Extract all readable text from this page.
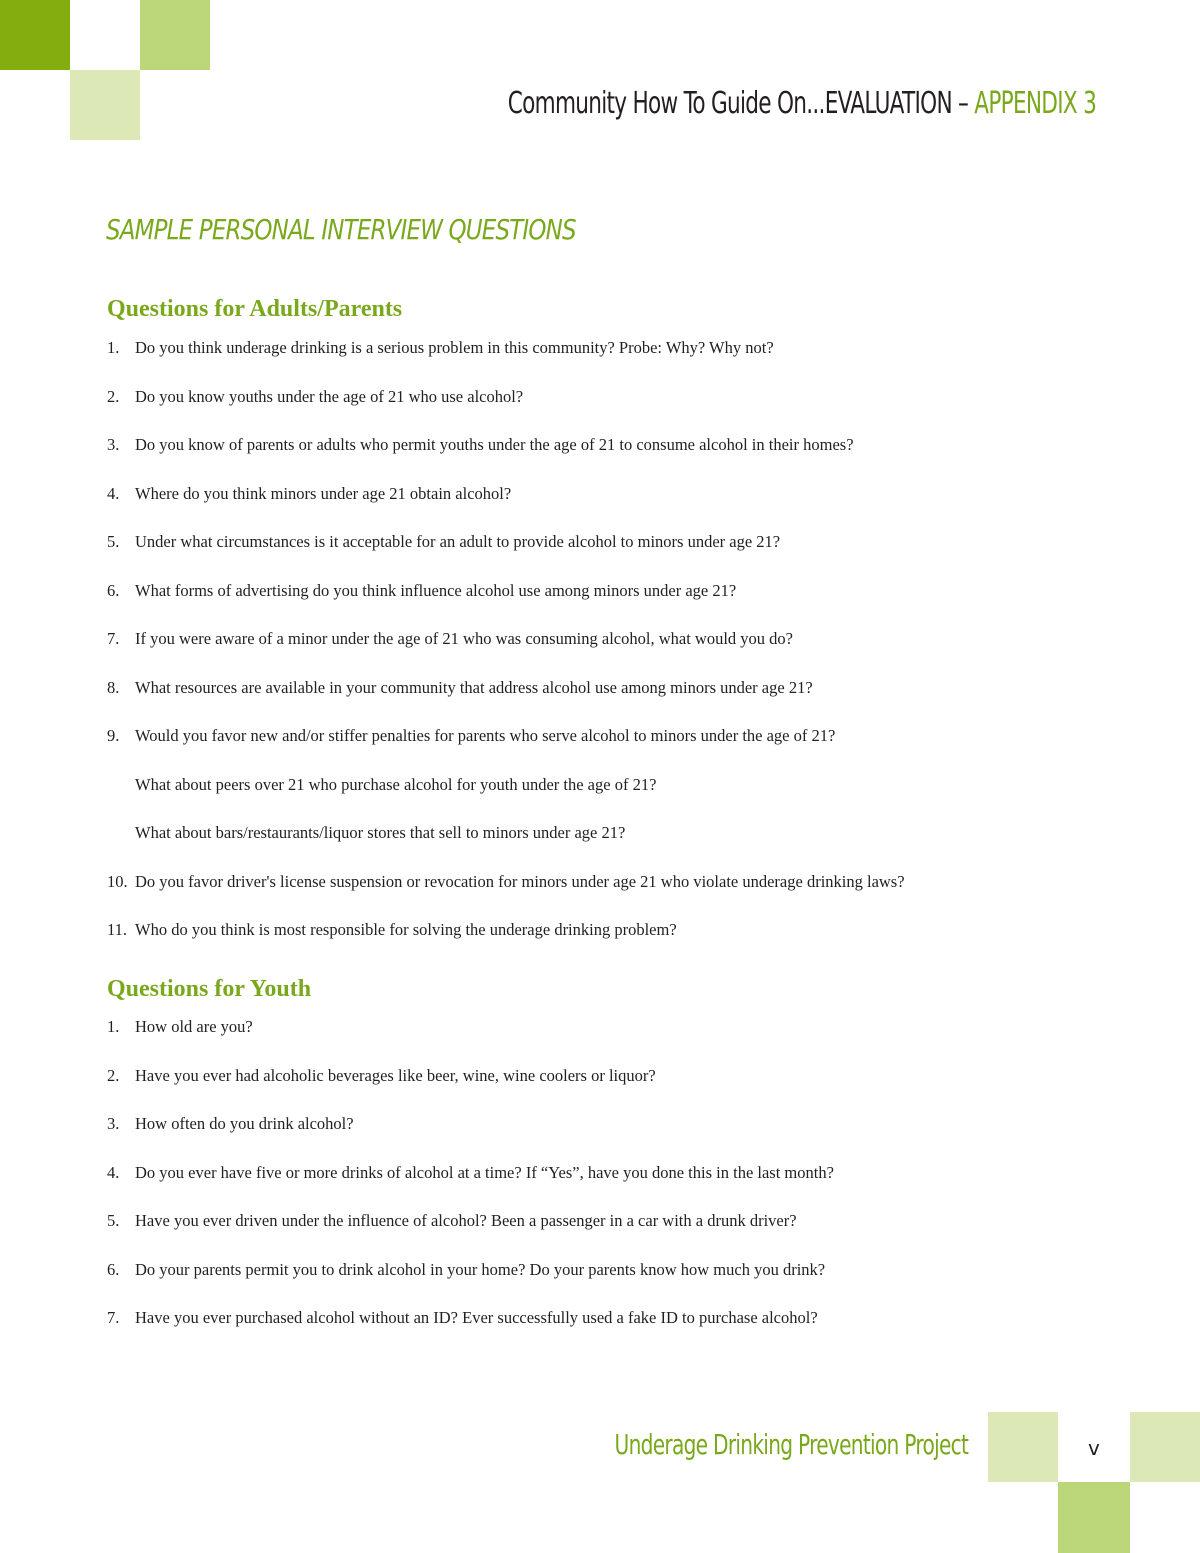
Community How To Guide On...EVALUATION – APPENDIX 3
SAMPLE PERSONAL INTERVIEW QUESTIONS
Questions for Adults/Parents
1. Do you think underage drinking is a serious problem in this community? Probe: Why? Why not?
2. Do you know youths under the age of 21 who use alcohol?
3. Do you know of parents or adults who permit youths under the age of 21 to consume alcohol in their homes?
4. Where do you think minors under age 21 obtain alcohol?
5. Under what circumstances is it acceptable for an adult to provide alcohol to minors under age 21?
6. What forms of advertising do you think influence alcohol use among minors under age 21?
7. If you were aware of a minor under the age of 21 who was consuming alcohol, what would you do?
8. What resources are available in your community that address alcohol use among minors under age 21?
9. Would you favor new and/or stiffer penalties for parents who serve alcohol to minors under the age of 21?
What about peers over 21 who purchase alcohol for youth under the age of 21?
What about bars/restaurants/liquor stores that sell to minors under age 21?
10. Do you favor driver's license suspension or revocation for minors under age 21 who violate underage drinking laws?
11. Who do you think is most responsible for solving the underage drinking problem?
Questions for Youth
1. How old are you?
2. Have you ever had alcoholic beverages like beer, wine, wine coolers or liquor?
3. How often do you drink alcohol?
4. Do you ever have five or more drinks of alcohol at a time? If “Yes”, have you done this in the last month?
5. Have you ever driven under the influence of alcohol? Been a passenger in a car with a drunk driver?
6. Do your parents permit you to drink alcohol in your home? Do your parents know how much you drink?
7. Have you ever purchased alcohol without an ID? Ever successfully used a fake ID to purchase alcohol?
Underage Drinking Prevention Project	v
